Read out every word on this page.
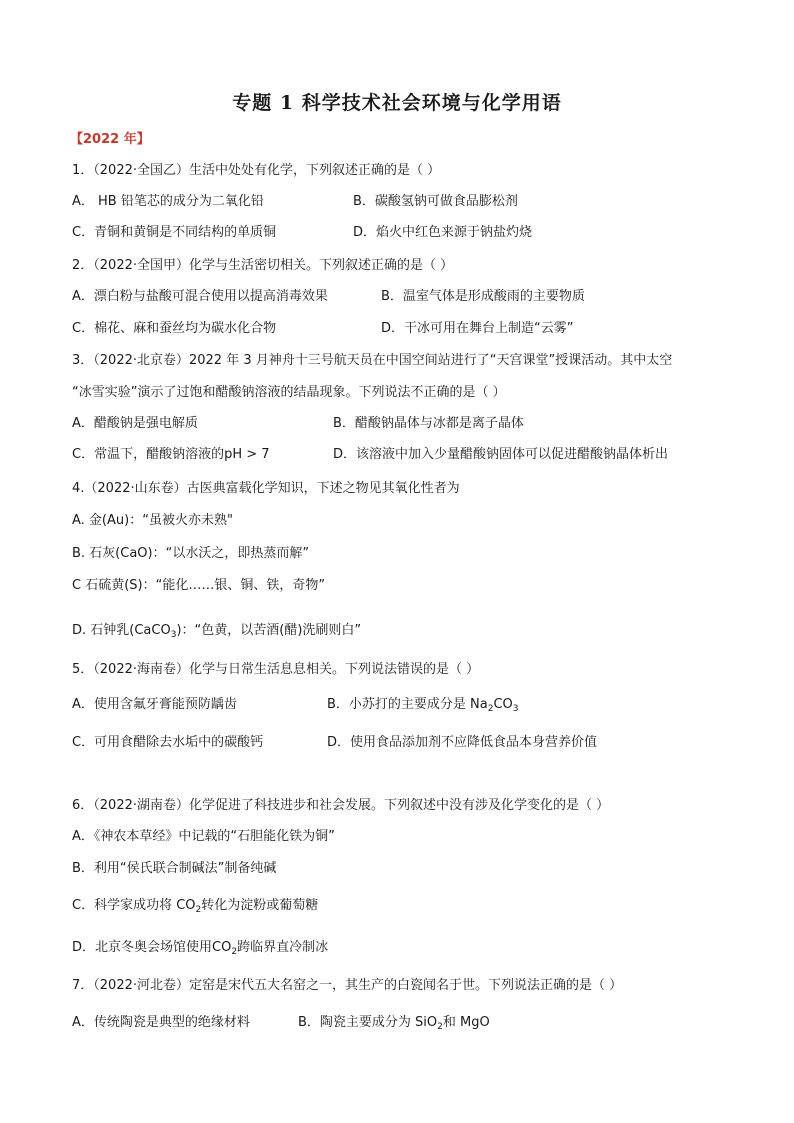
专题 1 科学技术社会环境与化学用语
【2022 年】
1．（2022·全国乙）生活中处处有化学，下列叙述正确的是（ ）
A． HB 铅笔芯的成分为二氧化铅	B．碳酸氢钠可做食品膨松剂
C．青铜和黄铜是不同结构的单质铜	D．焰火中红色来源于钠盐灼烧
2．（2022·全国甲）化学与生活密切相关。下列叙述正确的是（ ）
A．漂白粉与盐酸可混合使用以提高消毒效果	B．温室气体是形成酸雨的主要物质
C．棉花、麻和蚕丝均为碳水化合物	D．干冰可用在舞台上制造“云雾”
3．（2022·北京卷）2022 年 3 月神舟十三号航天员在中国空间站进行了“天宫课堂”授课活动。其中太空
“冰雪实验”演示了过饱和醋酸钠溶液的结晶现象。下列说法不正确的是（ ）
A．醋酸钠是强电解质	B．醋酸钠晶体与冰都是离子晶体
C．常温下，醋酸钠溶液的pH > 7	D．该溶液中加入少量醋酸钠固体可以促进醋酸钠晶体析出
4.（2022·山东卷）古医典富载化学知识，下述之物见其氧化性者为
A. 金(Au)：“虽被火亦未熟"
B. 石灰(CaO)：“以水沃之，即热蒸而解”
C 石硫黄(S)：“能化……银、铜、铁，奇物”
D. 石钟乳(CaCO$_3$)：“色黄，以苦酒(醋)洗刷则白”
5．（2022·海南卷）化学与日常生活息息相关。下列说法错误的是（ ）
A．使用含氟牙膏能预防龋齿	B．小苏打的主要成分是 $Na_2CO_3$
C．可用食醋除去水垢中的碳酸钙	D．使用食品添加剂不应降低食品本身营养价值
6．（2022·湖南卷）化学促进了科技进步和社会发展。下列叙述中没有涉及化学变化的是（ ）
A．《神农本草经》中记载的“石胆能化铁为铜”
B．利用“侯氏联合制碱法”制备纯碱
C．科学家成功将 $CO_2$转化为淀粉或葡萄糖
D．北京冬奥会场馆使用$CO_2$跨临界直冷制冰
7．（2022·河北卷）定窑是宋代五大名窑之一，其生产的白瓷闻名于世。下列说法正确的是（ ）
A．传统陶瓷是典型的绝缘材料	B．陶瓷主要成分为 SiO$_2$和 MgO
